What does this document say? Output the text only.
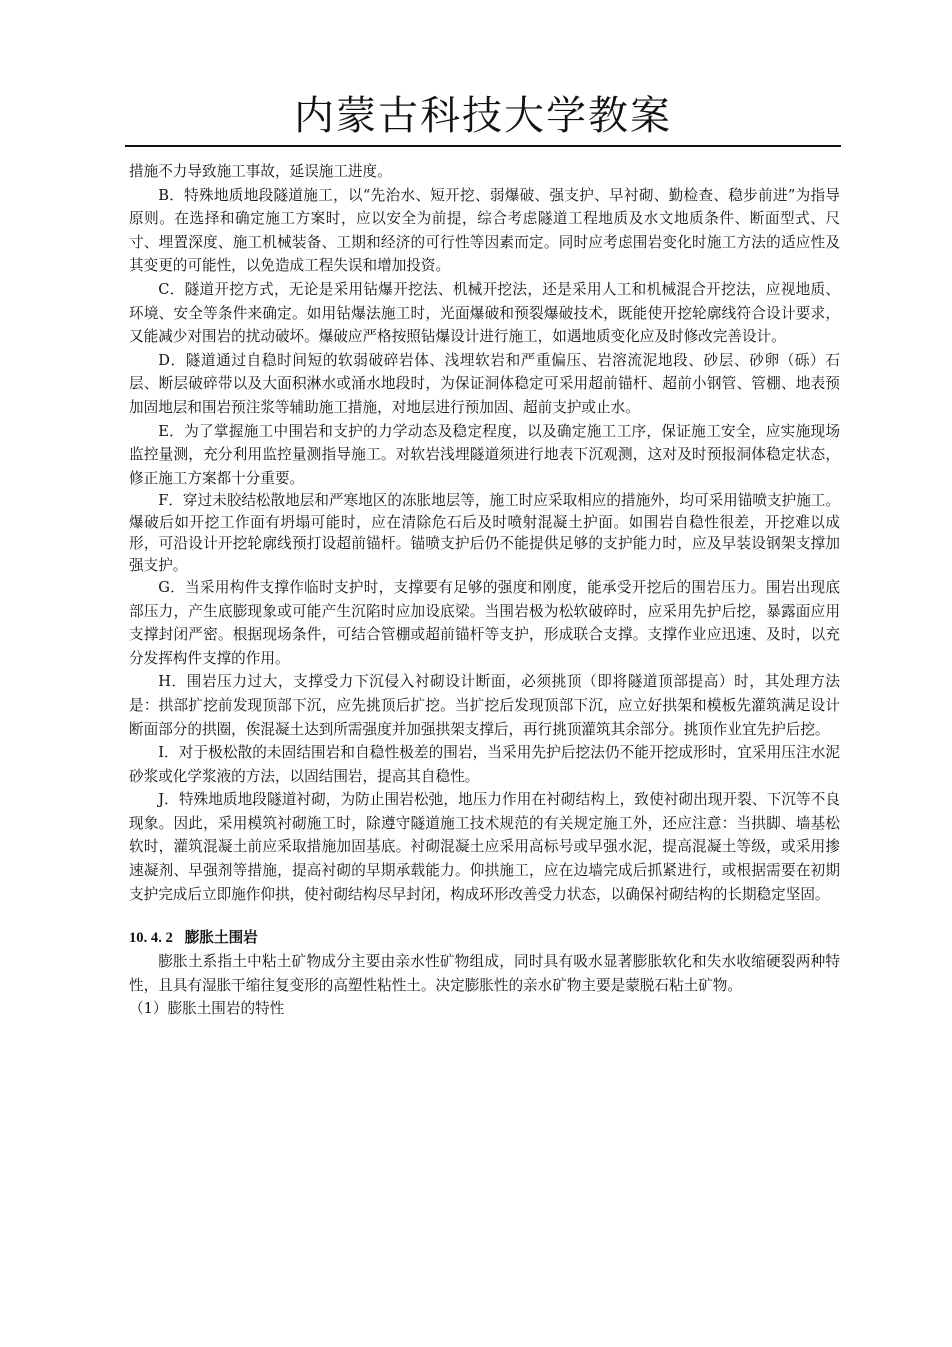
内蒙古科技大学教案

措施不力导致施工事故，延误施工进度。

B．特殊地质地段隧道施工，以“先治水、短开挖、弱爆破、强支护、早衬砌、勤检查、稳步前进”为指导原则。在选择和确定施工方案时，应以安全为前提，综合考虑隧道工程地质及水文地质条件、断面型式、尺寸、埋置深度、施工机械装备、工期和经济的可行性等因素而定。同时应考虑围岩变化时施工方法的适应性及其变更的可能性，以免造成工程失误和增加投资。

C．隧道开挖方式，无论是采用钻爆开挖法、机械开挖法，还是采用人工和机械混合开挖法，应视地质、环境、安全等条件来确定。如用钻爆法施工时，光面爆破和预裂爆破技术，既能使开挖轮廓线符合设计要求，又能减少对围岩的扰动破坏。爆破应严格按照钻爆设计进行施工，如遇地质变化应及时修改完善设计。

D．隧道通过自稳时间短的软弱破碎岩体、浅埋软岩和严重偏压、岩溶流泥地段、砂层、砂卵（砾）石层、断层破碎带以及大面积淋水或涌水地段时，为保证洞体稳定可采用超前锚杆、超前小钢管、管棚、地表预加固地层和围岩预注浆等辅助施工措施，对地层进行预加固、超前支护或止水。

E．为了掌握施工中围岩和支护的力学动态及稳定程度，以及确定施工工序，保证施工安全，应实施现场监控量测，充分利用监控量测指导施工。对软岩浅埋隧道须进行地表下沉观测，这对及时预报洞体稳定状态，修正施工方案都十分重要。

F．穿过未胶结松散地层和严寒地区的冻胀地层等，施工时应采取相应的措施外，均可采用锚喷支护施工。爆破后如开挖工作面有坍塌可能时，应在清除危石后及时喷射混凝土护面。如围岩自稳性很差，开挖难以成形，可沿设计开挖轮廓线预打设超前锚杆。锚喷支护后仍不能提供足够的支护能力时，应及早装设钢架支撑加强支护。

G．当采用构件支撑作临时支护时，支撑要有足够的强度和刚度，能承受开挖后的围岩压力。围岩出现底部压力，产生底膨现象或可能产生沉陷时应加设底梁。当围岩极为松软破碎时，应采用先护后挖，暴露面应用支撑封闭严密。根据现场条件，可结合管棚或超前锚杆等支护，形成联合支撑。支撑作业应迅速、及时，以充分发挥构件支撑的作用。

H．围岩压力过大，支撑受力下沉侵入衬砌设计断面，必须挑顶（即将隧道顶部提高）时，其处理方法是：拱部扩挖前发现顶部下沉，应先挑顶后扩挖。当扩挖后发现顶部下沉，应立好拱架和模板先灌筑满足设计断面部分的拱圈，俟混凝土达到所需强度并加强拱架支撑后，再行挑顶灌筑其余部分。挑顶作业宜先护后挖。

I．对于极松散的未固结围岩和自稳性极差的围岩，当采用先护后挖法仍不能开挖成形时，宜采用压注水泥砂浆或化学浆液的方法，以固结围岩，提高其自稳性。

J．特殊地质地段隧道衬砌，为防止围岩松弛，地压力作用在衬砌结构上，致使衬砌出现开裂、下沉等不良现象。因此，采用模筑衬砌施工时，除遵守隧道施工技术规范的有关规定施工外，还应注意：当拱脚、墙基松软时，灌筑混凝土前应采取措施加固基底。衬砌混凝土应采用高标号或早强水泥，提高混凝土等级，或采用掺速凝剂、早强剂等措施，提高衬砌的早期承载能力。仰拱施工，应在边墙完成后抓紧进行，或根据需要在初期支护完成后立即施作仰拱，使衬砌结构尽早封闭，构成环形改善受力状态，以确保衬砌结构的长期稳定坚固。

10. 4. 2 膨胀土围岩

膨胀土系指土中粘土矿物成分主要由亲水性矿物组成，同时具有吸水显著膨胀软化和失水收缩硬裂两种特性，且具有湿胀干缩往复变形的高塑性粘性土。决定膨胀性的亲水矿物主要是蒙脱石粘土矿物。

（1）膨胀土围岩的特性
